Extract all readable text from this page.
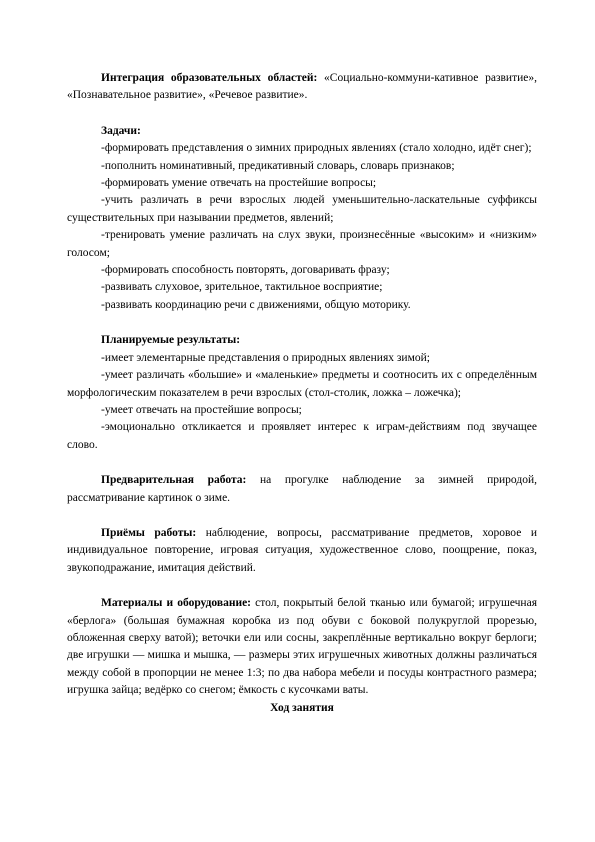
Интеграция образовательных областей: «Социально-коммуни-кативное развитие», «Познавательное развитие», «Речевое развитие».

Задачи:

-формировать представления о зимних природных явлениях (стало холодно, идёт снег);

-пополнить номинативный, предикативный словарь, словарь признаков;

-формировать умение отвечать на простейшие вопросы;

-учить различать в речи взрослых людей уменьшительно-ласкательные суффиксы существительных при назывании предметов, явлений;

-тренировать умение различать на слух звуки, произнесённые «высоким» и «низким» голосом;

-формировать способность повторять, договаривать фразу;

-развивать слуховое, зрительное, тактильное восприятие;

-развивать координацию речи с движениями, общую моторику.

Планируемые результаты:

-имеет элементарные представления о природных явлениях зимой;

-умеет различать «большие» и «маленькие» предметы и соотносить их с определённым морфологическим показателем в речи взрослых (стол-столик, ложка – ложечка);

-умеет отвечать на простейшие вопросы;

-эмоционально откликается и проявляет интерес к играм-действиям под звучащее слово.

Предварительная работа: на прогулке наблюдение за зимней природой, рассматривание картинок о зиме.

Приёмы работы: наблюдение, вопросы, рассматривание предметов, хоровое и индивидуальное повторение, игровая ситуация, художественное слово, поощрение, показ, звукоподражание, имитация действий.

Материалы и оборудование: стол, покрытый белой тканью или бумагой; игрушечная «берлога» (большая бумажная коробка из под обуви с боковой полукруглой прорезью, обложенная сверху ватой); веточки ели или сосны, закреплённые вертикально вокруг берлоги; две игрушки — мишка и мышка, — размеры этих игрушечных животных должны различаться между собой в пропорции не менее 1:3; по два набора мебели и посуды контрастного размера; игрушка зайца; ведёрко со снегом; ёмкость с кусочками ваты.

Ход занятия
